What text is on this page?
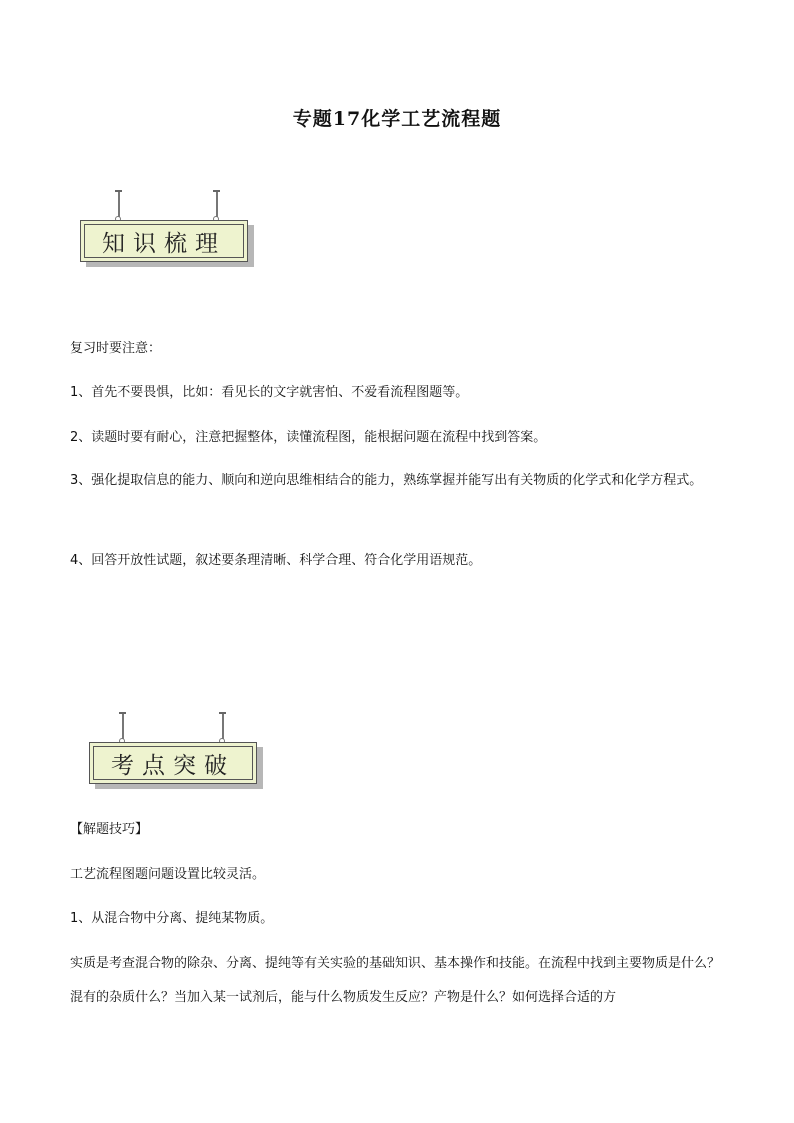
专题17化学工艺流程题
知识梳理
复习时要注意：
1、首先不要畏惧，比如：看见长的文字就害怕、不爱看流程图题等。
2、读题时要有耐心，注意把握整体，读懂流程图，能根据问题在流程中找到答案。
3、强化提取信息的能力、顺向和逆向思维相结合的能力，熟练掌握并能写出有关物质的化学式和化学方程式。
4、回答开放性试题，叙述要条理清晰、科学合理、符合化学用语规范。
考点突破
【解题技巧】
工艺流程图题问题设置比较灵活。
1、从混合物中分离、提纯某物质。
实质是考查混合物的除杂、分离、提纯等有关实验的基础知识、基本操作和技能。在流程中找到主要物质是什么？混有的杂质什么？当加入某一试剂后，能与什么物质发生反应？产物是什么？如何选择合适的方
